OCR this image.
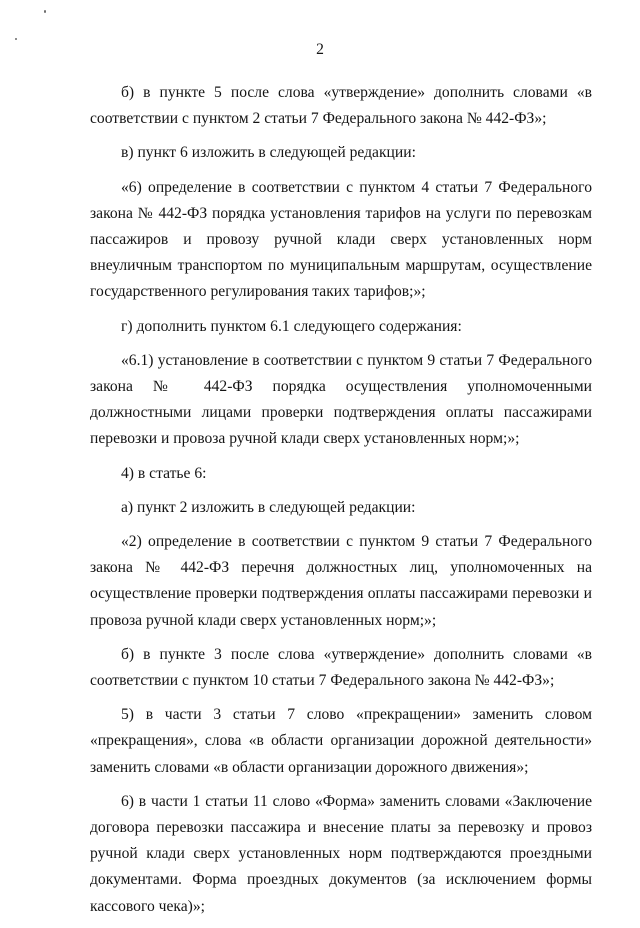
2

б) в пункте 5 после слова «утверждение» дополнить словами «в соответствии с пунктом 2 статьи 7 Федерального закона № 442-ФЗ»;

в) пункт 6 изложить в следующей редакции:

«6) определение в соответствии с пунктом 4 статьи 7 Федерального закона № 442-ФЗ порядка установления тарифов на услуги по перевозкам пассажиров и провозу ручной клади сверх установленных норм внеуличным транспортом по муниципальным маршрутам, осуществление государственного регулирования таких тарифов;»;

г) дополнить пунктом 6.1 следующего содержания:

«6.1) установление в соответствии с пунктом 9 статьи 7 Федерального закона № 442-ФЗ порядка осуществления уполномоченными должностными лицами проверки подтверждения оплаты пассажирами перевозки и провоза ручной клади сверх установленных норм;»;

4) в статье 6:

а) пункт 2 изложить в следующей редакции:

«2) определение в соответствии с пунктом 9 статьи 7 Федерального закона № 442-ФЗ перечня должностных лиц, уполномоченных на осуществление проверки подтверждения оплаты пассажирами перевозки и провоза ручной клади сверх установленных норм;»;

б) в пункте 3 после слова «утверждение» дополнить словами «в соответствии с пунктом 10 статьи 7 Федерального закона № 442-ФЗ»;

5) в части 3 статьи 7 слово «прекращении» заменить словом «прекращения», слова «в области организации дорожной деятельности» заменить словами «в области организации дорожного движения»;

6) в части 1 статьи 11 слово «Форма» заменить словами «Заключение договора перевозки пассажира и внесение платы за перевозку и провоз ручной клади сверх установленных норм подтверждаются проездными документами. Форма проездных документов (за исключением формы кассового чека)»;
